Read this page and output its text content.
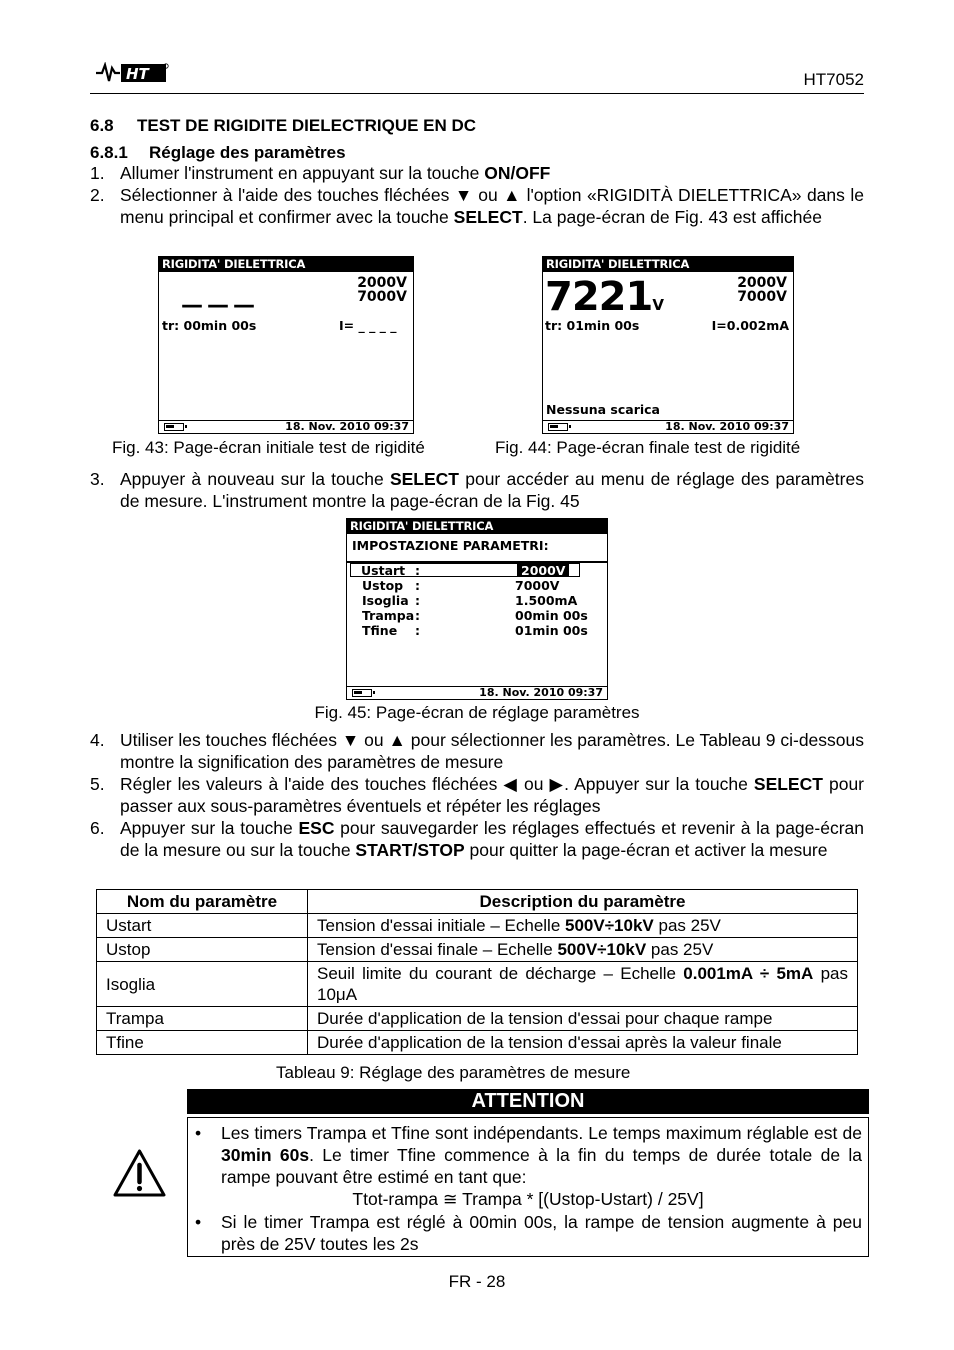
HT	HT7052
6.8 TEST DE RIGIDITE DIELECTRIQUE EN DC
6.8.1 Réglage des paramètres
1. Allumer l'instrument en appuyant sur la touche ON/OFF
2. Sélectionner à l'aide des touches fléchées ▼ ou ▲ l'option «RIGIDITÀ DIELETTRICA» dans le menu principal et confirmer avec la touche SELECT. La page-écran de Fig. 43 est affichée
RIGIDITA' DIELETTRICA
2000V
7000V
———
tr: 00min 00s	I= _ _ _ _
18. Nov. 2010 09:37
Fig. 43: Page-écran initiale test de rigidité
RIGIDITA' DIELETTRICA
2000V
7000V
7221V
tr: 01min 00s	I=0.002mA
Nessuna scarica
18. Nov. 2010 09:37
Fig. 44: Page-écran finale test de rigidité
3. Appuyer à nouveau sur la touche SELECT pour accéder au menu de réglage des paramètres de mesure. L'instrument montre la page-écran de la Fig. 45
RIGIDITA' DIELETTRICA
IMPOSTAZIONE PARAMETRI:
Ustart :	2000V
Ustop :	7000V
Isoglia :	1.500mA
Trampa :	00min 00s
Tfine :	01min 00s
18. Nov. 2010 09:37
Fig. 45: Page-écran de réglage paramètres
4. Utiliser les touches fléchées ▼ ou ▲ pour sélectionner les paramètres. Le Tableau 9 ci-dessous montre la signification des paramètres de mesure
5. Régler les valeurs à l'aide des touches fléchées ◀ ou ▶. Appuyer sur la touche SELECT pour passer aux sous-paramètres éventuels et répéter les réglages
6. Appuyer sur la touche ESC pour sauvegarder les réglages effectués et revenir à la page-écran de la mesure ou sur la touche START/STOP pour quitter la page-écran et activer la mesure
Nom du paramètre	Description du paramètre
Ustart	Tension d'essai initiale – Echelle 500V÷10kV pas 25V
Ustop	Tension d'essai finale – Echelle 500V÷10kV pas 25V
Isoglia	Seuil limite du courant de décharge – Echelle 0.001mA ÷ 5mA pas 10μA
Trampa	Durée d'application de la tension d'essai pour chaque rampe
Tfine	Durée d'application de la tension d'essai après la valeur finale
Tableau 9: Réglage des paramètres de mesure
ATTENTION
• Les timers Trampa et Tfine sont indépendants. Le temps maximum réglable est de 30min 60s. Le timer Tfine commence à la fin du temps de durée totale de la rampe pouvant être estimé en tant que:
Ttot-rampa ≅ Trampa * [(Ustop-Ustart) / 25V]
• Si le timer Trampa est réglé à 00min 00s, la rampe de tension augmente à peu près de 25V toutes les 2s
FR - 28
